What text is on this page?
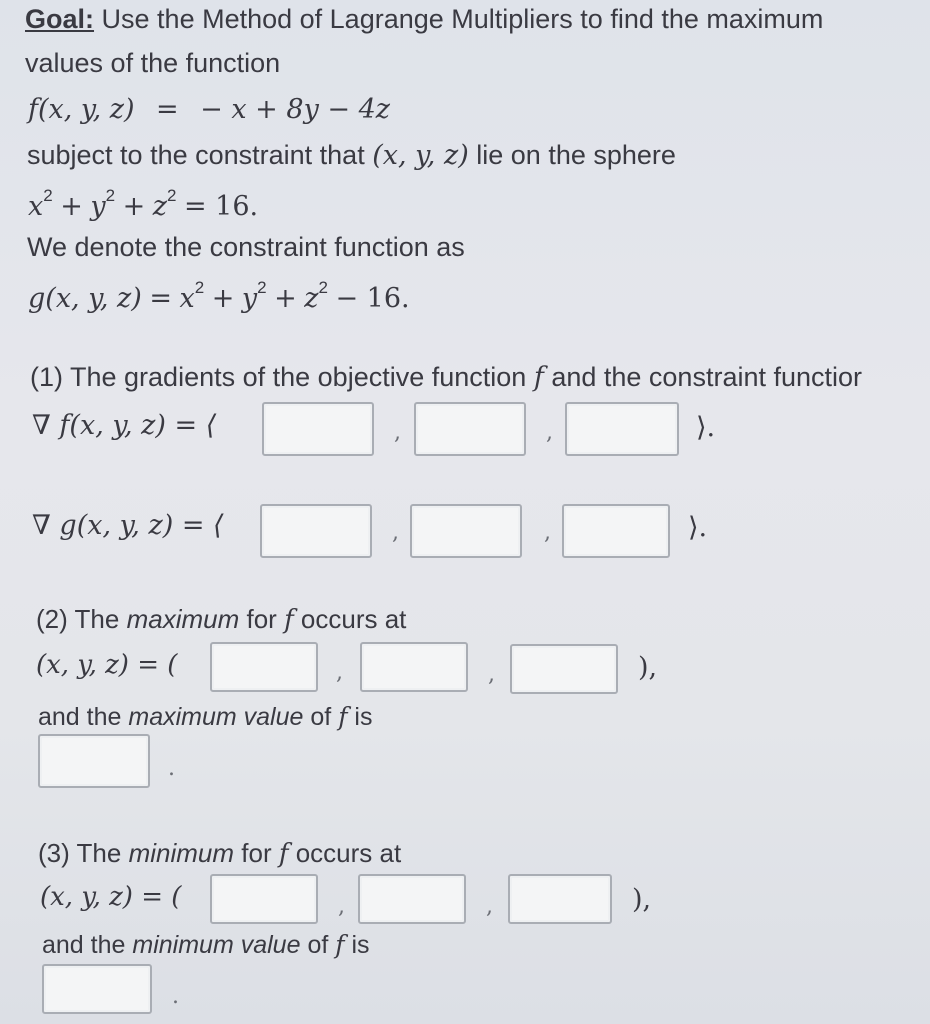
Goal: Use the Method of Lagrange Multipliers to find the maximum
values of the function
f(x, y, z) = − x + 8y − 4z
subject to the constraint that (x, y, z) lie on the sphere
$x^2 + y^2 + z^2 = 16$.
We denote the constraint function as
g(x, y, $z) = x^2 + y^2 + z^2 - 16$.
(1) The gradients of the objective function f and the constraint functior
∇ f(x, y, z) = ⟨	,	,	⟩.
∇ g(x, y, z) = ⟨	,	,	⟩.
(2) The maximum for f occurs at
(x, y, z) = (	,	,	),
and the maximum value of f is
.
(3) The minimum for f occurs at
(x, y, z) = (	,	,	),
and the minimum value of f is
.
